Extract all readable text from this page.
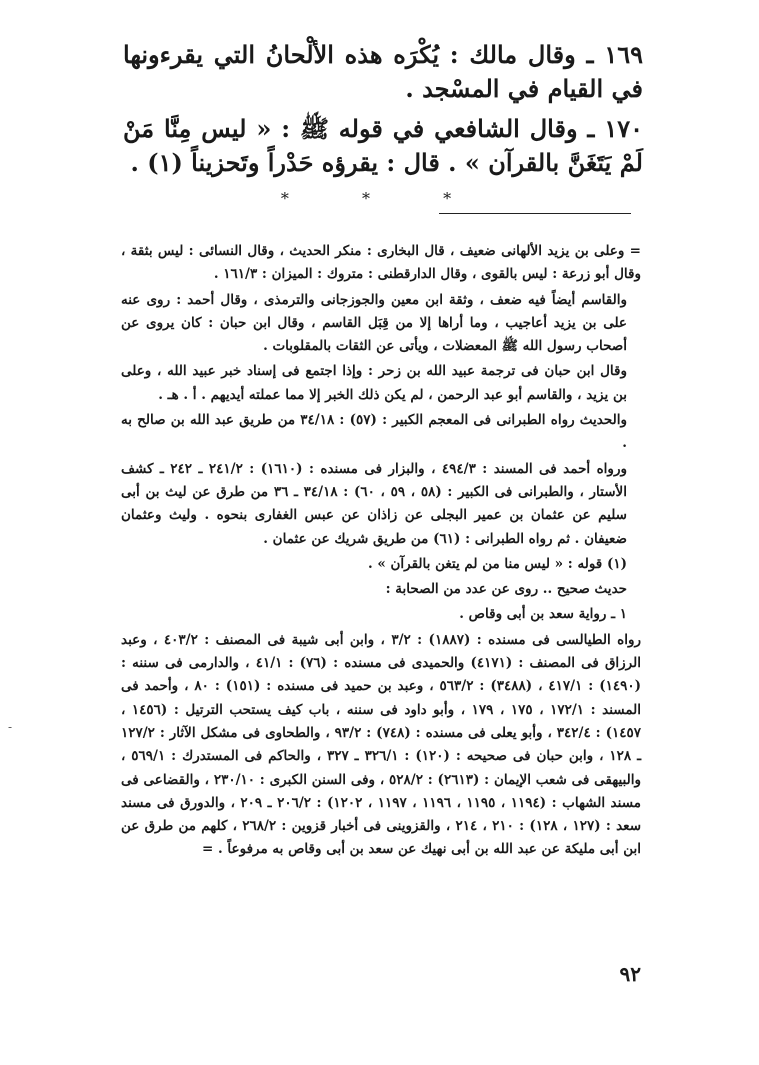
١٦٩ ـ وقال مالك : يُكْرَه هذه الألْحانُ التي يقرءونها في القيام في المسْجد .

١٧٠ ـ وقال الشافعي في قوله ﷺ : « ليس مِنَّا مَنْ لَمْ يَتَغَنَّ بالقرآن » . قال : يقرؤه حَدْراً وتَحزيناً (١) .

* * *

= وعلى بن يزيد الألهانى ضعيف ، قال البخارى : منكر الحديث ، وقال النسائى : ليس بثقة ، وقال أبو زرعة : ليس بالقوى ، وقال الدارقطنى : متروك : الميزان : ١٦١/٣ .

والقاسم أيضاً فيه ضعف ، وثقة ابن معين والجوزجانى والترمذى ، وقال أحمد : روى عنه على بن يزيد أعاجيب ، وما أراها إلا من قِبَل القاسم ، وقال ابن حبان : كان يروى عن أصحاب رسول الله ﷺ المعضلات ، ويأتى عن الثقات بالمقلوبات .

وقال ابن حبان فى ترجمة عبيد الله بن زحر : وإذا اجتمع فى إسناد خبر عبيد الله ، وعلى بن يزيد ، والقاسم أبو عبد الرحمن ، لم يكن ذلك الخبر إلا مما عملته أيديهم . أ . هـ .

والحديث رواه الطبرانى فى المعجم الكبير : (٥٧) : ٣٤/١٨ من طريق عبد الله بن صالح به .

ورواه أحمد فى المسند : ٤٩٤/٣ ، والبزار فى مسنده : (١٦١٠) : ٢٤١/٢ ـ ٢٤٢ ـ كشف الأستار ، والطبرانى فى الكبير : (٥٨ ، ٥٩ ، ٦٠) : ٣٤/١٨ ـ ٣٦ من طرق عن ليث بن أبى سليم عن عثمان بن عمير البجلى عن زاذان عن عبس الغفارى بنحوه . وليث وعثمان ضعيفان . ثم رواه الطبرانى : (٦١) من طريق شريك عن عثمان .

(١) قوله : « ليس منا من لم يتغن بالقرآن » .

حديث صحيح .. روى عن عدد من الصحابة :

١ ـ رواية سعد بن أبى وقاص .

رواه الطيالسى فى مسنده : (١٨٨٧) : ٣/٢ ، وابن أبى شيبة فى المصنف : ٤٠٣/٢ ، وعبد الرزاق فى المصنف : (٤١٧١) والحميدى فى مسنده : (٧٦) : ٤١/١ ، والدارمى فى سننه : (١٤٩٠) : ٤١٧/١ ، (٣٤٨٨) : ٥٦٣/٢ ، وعبد بن حميد فى مسنده : (١٥١) : ٨٠ ، وأحمد فى المسند : ١٧٢/١ ، ١٧٥ ، ١٧٩ ، وأبو داود فى سننه ، باب كيف يستحب الترتيل : (١٤٥٦ ، ١٤٥٧) : ٣٤٢/٤ ، وأبو يعلى فى مسنده : (٧٤٨) : ٩٣/٢ ، والطحاوى فى مشكل الآثار : ١٢٧/٢ ـ ١٢٨ ، وابن حبان فى صحيحه : (١٢٠) : ٣٢٦/١ ـ ٣٢٧ ، والحاكم فى المستدرك : ٥٦٩/١ ، والبيهقى فى شعب الإيمان : (٢٦١٣) : ٥٢٨/٢ ، وفى السنن الكبرى : ٢٣٠/١٠ ، والقضاعى فى مسند الشهاب : (١١٩٤ ، ١١٩٥ ، ١١٩٦ ، ١١٩٧ ، ١٢٠٢) : ٢٠٦/٢ ـ ٢٠٩ ، والدورق فى مسند سعد : (١٢٧ ، ١٢٨) : ٢١٠ ، ٢١٤ ، والقزوينى فى أخبار قزوين : ٢٦٨/٢ ، كلهم من طرق عن ابن أبى مليكة عن عبد الله بن أبى نهيك عن سعد بن أبى وقاص به مرفوعاً . =

٩٢
-
